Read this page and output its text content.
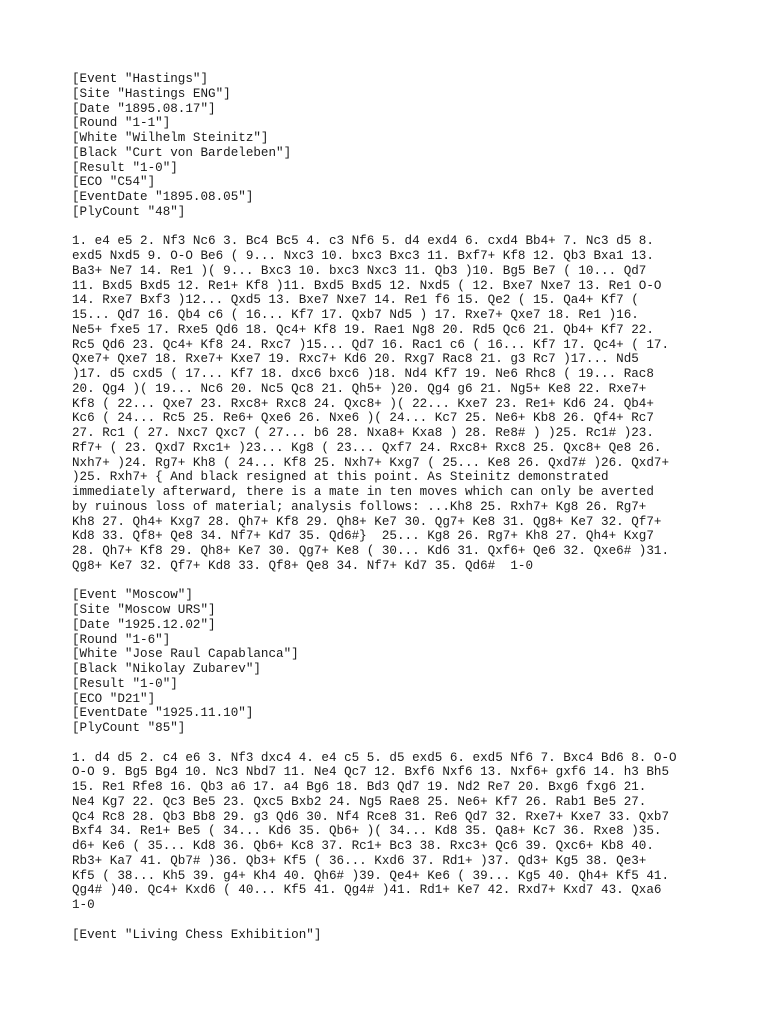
[Event "Hastings"]
[Site "Hastings ENG"]
[Date "1895.08.17"]
[Round "1-1"]
[White "Wilhelm Steinitz"]
[Black "Curt von Bardeleben"]
[Result "1-0"]
[ECO "C54"]
[EventDate "1895.08.05"]
[PlyCount "48"]
1. e4 e5 2. Nf3 Nc6 3. Bc4 Bc5 4. c3 Nf6 5. d4 exd4 6. cxd4 Bb4+ 7. Nc3 d5 8.
exd5 Nxd5 9. O-O Be6 ( 9... Nxc3 10. bxc3 Bxc3 11. Bxf7+ Kf8 12. Qb3 Bxa1 13.
Ba3+ Ne7 14. Re1 )( 9... Bxc3 10. bxc3 Nxc3 11. Qb3 )10. Bg5 Be7 ( 10... Qd7
11. Bxd5 Bxd5 12. Re1+ Kf8 )11. Bxd5 Bxd5 12. Nxd5 ( 12. Bxe7 Nxe7 13. Re1 O-O
14. Rxe7 Bxf3 )12... Qxd5 13. Bxe7 Nxe7 14. Re1 f6 15. Qe2 ( 15. Qa4+ Kf7 (
15... Qd7 16. Qb4 c6 ( 16... Kf7 17. Qxb7 Nd5 ) 17. Rxe7+ Qxe7 18. Re1 )16.
Ne5+ fxe5 17. Rxe5 Qd6 18. Qc4+ Kf8 19. Rae1 Ng8 20. Rd5 Qc6 21. Qb4+ Kf7 22.
Rc5 Qd6 23. Qc4+ Kf8 24. Rxc7 )15... Qd7 16. Rac1 c6 ( 16... Kf7 17. Qc4+ ( 17.
Qxe7+ Qxe7 18. Rxe7+ Kxe7 19. Rxc7+ Kd6 20. Rxg7 Rac8 21. g3 Rc7 )17... Nd5
)17. d5 cxd5 ( 17... Kf7 18. dxc6 bxc6 )18. Nd4 Kf7 19. Ne6 Rhc8 ( 19... Rac8
20. Qg4 )( 19... Nc6 20. Nc5 Qc8 21. Qh5+ )20. Qg4 g6 21. Ng5+ Ke8 22. Rxe7+
Kf8 ( 22... Qxe7 23. Rxc8+ Rxc8 24. Qxc8+ )( 22... Kxe7 23. Re1+ Kd6 24. Qb4+
Kc6 ( 24... Rc5 25. Re6+ Qxe6 26. Nxe6 )( 24... Kc7 25. Ne6+ Kb8 26. Qf4+ Rc7
27. Rc1 ( 27. Nxc7 Qxc7 ( 27... b6 28. Nxa8+ Kxa8 ) 28. Re8# ) )25. Rc1# )23.
Rf7+ ( 23. Qxd7 Rxc1+ )23... Kg8 ( 23... Qxf7 24. Rxc8+ Rxc8 25. Qxc8+ Qe8 26.
Nxh7+ )24. Rg7+ Kh8 ( 24... Kf8 25. Nxh7+ Kxg7 ( 25... Ke8 26. Qxd7# )26. Qxd7+
)25. Rxh7+ { And black resigned at this point. As Steinitz demonstrated
immediately afterward, there is a mate in ten moves which can only be averted
by ruinous loss of material; analysis follows: ...Kh8 25. Rxh7+ Kg8 26. Rg7+
Kh8 27. Qh4+ Kxg7 28. Qh7+ Kf8 29. Qh8+ Ke7 30. Qg7+ Ke8 31. Qg8+ Ke7 32. Qf7+
Kd8 33. Qf8+ Qe8 34. Nf7+ Kd7 35. Qd6#}  25... Kg8 26. Rg7+ Kh8 27. Qh4+ Kxg7
28. Qh7+ Kf8 29. Qh8+ Ke7 30. Qg7+ Ke8 ( 30... Kd6 31. Qxf6+ Qe6 32. Qxe6# )31.
Qg8+ Ke7 32. Qf7+ Kd8 33. Qf8+ Qe8 34. Nf7+ Kd7 35. Qd6#  1-0
[Event "Moscow"]
[Site "Moscow URS"]
[Date "1925.12.02"]
[Round "1-6"]
[White "Jose Raul Capablanca"]
[Black "Nikolay Zubarev"]
[Result "1-0"]
[ECO "D21"]
[EventDate "1925.11.10"]
[PlyCount "85"]
1. d4 d5 2. c4 e6 3. Nf3 dxc4 4. e4 c5 5. d5 exd5 6. exd5 Nf6 7. Bxc4 Bd6 8. O-O
O-O 9. Bg5 Bg4 10. Nc3 Nbd7 11. Ne4 Qc7 12. Bxf6 Nxf6 13. Nxf6+ gxf6 14. h3 Bh5
15. Re1 Rfe8 16. Qb3 a6 17. a4 Bg6 18. Bd3 Qd7 19. Nd2 Re7 20. Bxg6 fxg6 21.
Ne4 Kg7 22. Qc3 Be5 23. Qxc5 Bxb2 24. Ng5 Rae8 25. Ne6+ Kf7 26. Rab1 Be5 27.
Qc4 Rc8 28. Qb3 Bb8 29. g3 Qd6 30. Nf4 Rce8 31. Re6 Qd7 32. Rxe7+ Kxe7 33. Qxb7
Bxf4 34. Re1+ Be5 ( 34... Kd6 35. Qb6+ )( 34... Kd8 35. Qa8+ Kc7 36. Rxe8 )35.
d6+ Ke6 ( 35... Kd8 36. Qb6+ Kc8 37. Rc1+ Bc3 38. Rxc3+ Qc6 39. Qxc6+ Kb8 40.
Rb3+ Ka7 41. Qb7# )36. Qb3+ Kf5 ( 36... Kxd6 37. Rd1+ )37. Qd3+ Kg5 38. Qe3+
Kf5 ( 38... Kh5 39. g4+ Kh4 40. Qh6# )39. Qe4+ Ke6 ( 39... Kg5 40. Qh4+ Kf5 41.
Qg4# )40. Qc4+ Kxd6 ( 40... Kf5 41. Qg4# )41. Rd1+ Ke7 42. Rxd7+ Kxd7 43. Qxa6
1-0
[Event "Living Chess Exhibition"]
